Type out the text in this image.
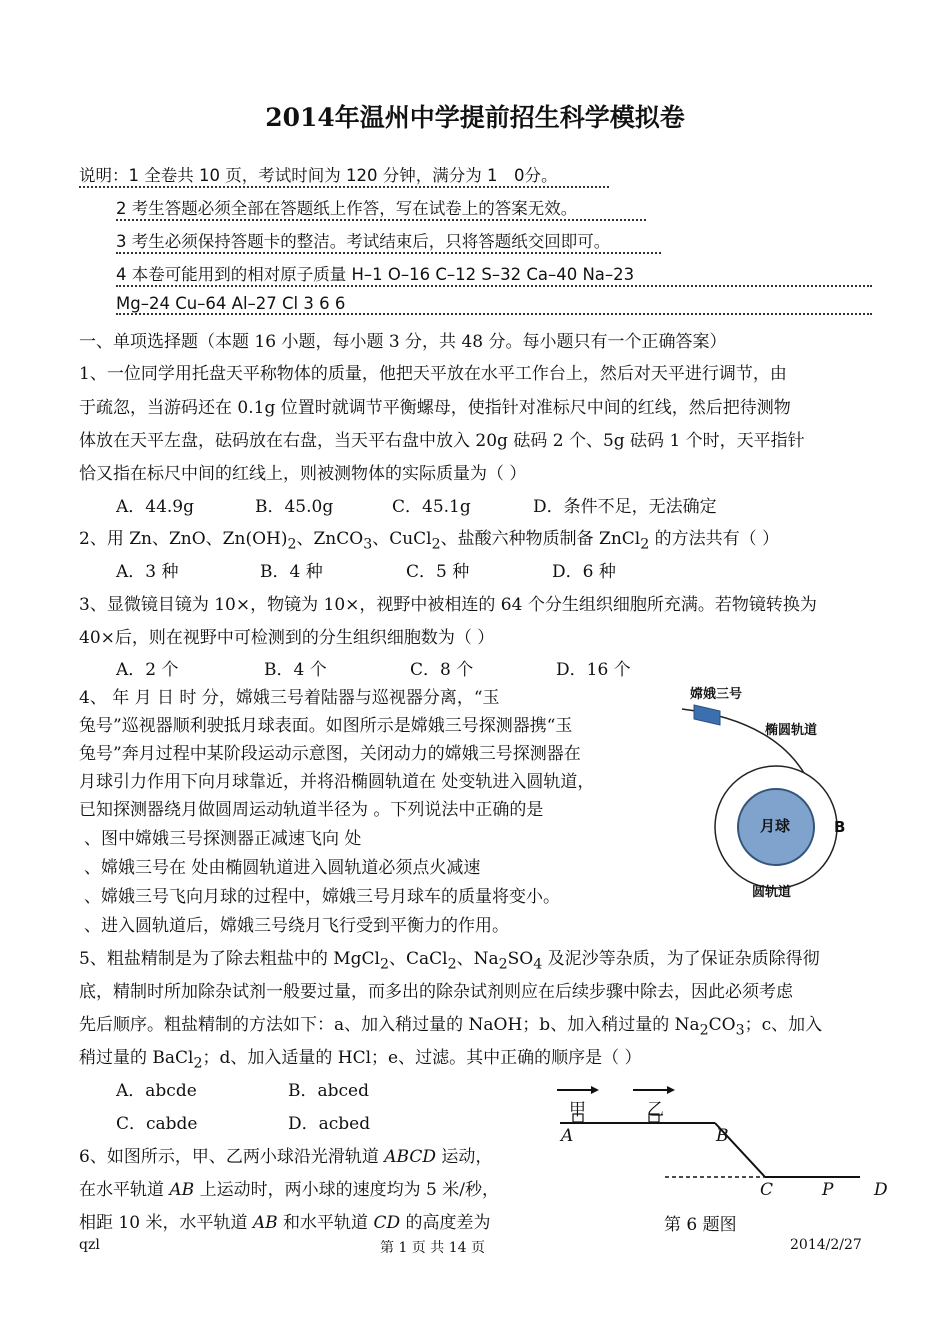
2014年温州中学提前招生科学模拟卷
说明：1 全卷共 10 页，考试时间为 120 分钟，满分为 1　0分。
2 考生答题必须全部在答题纸上作答，写在试卷上的答案无效。
3 考生必须保持答题卡的整洁。考试结束后，只将答题纸交回即可。
4 本卷可能用到的相对原子质量 H–1 O–16 C–12 S–32 Ca–40 Na–23
Mg–24 Cu–64 Al–27 Cl 3 6 6
一、单项选择题（本题 16 小题，每小题 3 分，共 48 分。每小题只有一个正确答案）
1、一位同学用托盘天平称物体的质量，他把天平放在水平工作台上，然后对天平进行调节，由
于疏忽，当游码还在 0.1g 位置时就调节平衡螺母，使指针对准标尺中间的红线，然后把待测物
体放在天平左盘，砝码放在右盘，当天平右盘中放入 20g 砝码 2 个、5g 砝码 1 个时，天平指针
恰又指在标尺中间的红线上，则被测物体的实际质量为（ ）
A．44.9g	B．45.0g	C．45.1g	D．条件不足，无法确定
2、用 Zn、ZnO、$Zn(OH)_2$、ZnCO$_3$、CuCl$_2$、盐酸六种物质制备 ZnCl$_2$ 的方法共有（ ）
A．3 种	B．4 种	C．5 种	D．6 种
3、显微镜目镜为 10×，物镜为 10×，视野中被相连的 64 个分生组织细胞所充满。若物镜转换为
40×后，则在视野中可检测到的分生组织细胞数为（ ）
A．2 个	B．4 个	C．8 个	D．16 个
4、 年 月 日 时 分，嫦娥三号着陆器与巡视器分离，“玉
兔号”巡视器顺利驶抵月球表面。如图所示是嫦娥三号探测器携“玉
兔号”奔月过程中某阶段运动示意图，关闭动力的嫦娥三号探测器在
月球引力作用下向月球靠近，并将沿椭圆轨道在 处变轨进入圆轨道，
已知探测器绕月做圆周运动轨道半径为 。下列说法中正确的是
、图中嫦娥三号探测器正减速飞向 处
、嫦娥三号在 处由椭圆轨道进入圆轨道必须点火减速
、嫦娥三号飞向月球的过程中，嫦娥三号月球车的质量将变小。
、进入圆轨道后，嫦娥三号绕月飞行受到平衡力的作用。
嫦娥三号
椭圆轨道
月球	B
圆轨道
5、粗盐精制是为了除去粗盐中的 MgCl$_2$、CaCl$_2$、$Na_2SO_4$ 及泥沙等杂质，为了保证杂质除得彻
底，精制时所加除杂试剂一般要过量，而多出的除杂试剂则应在后续步骤中除去，因此必须考虑
先后顺序。粗盐精制的方法如下：a、加入稍过量的 NaOH；b、加入稍过量的 $Na_2CO_3$；c、加入
稍过量的 BaCl$_2$；d、加入适量的 HCl；e、过滤。其中正确的顺序是（ ）
A．abcde	B．abced
C．cabde	D．acbed
6、如图所示，甲、乙两小球沿光滑轨道 ABCD 运动，
在水平轨道 AB 上运动时，两小球的速度均为 5 米/秒，
相距 10 米，水平轨道 AB 和水平轨道 CD 的高度差为
甲	乙
A	B
C	P D
第 6 题图
qzl	第 1 页 共 14 页	2014/2/27
